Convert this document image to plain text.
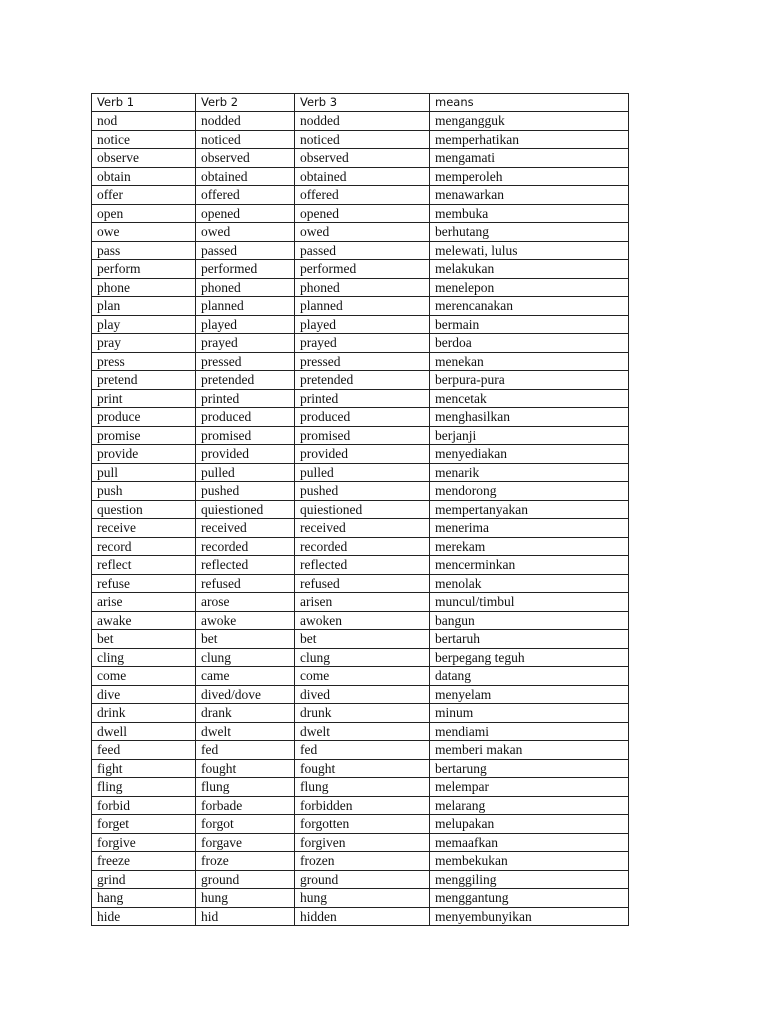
Verb 1	Verb 2	Verb 3	means
nod	nodded	nodded	mengangguk
notice	noticed	noticed	memperhatikan
observe	observed	observed	mengamati
obtain	obtained	obtained	memperoleh
offer	offered	offered	menawarkan
open	opened	opened	membuka
owe	owed	owed	berhutang
pass	passed	passed	melewati, lulus
perform	performed	performed	melakukan
phone	phoned	phoned	menelepon
plan	planned	planned	merencanakan
play	played	played	bermain
pray	prayed	prayed	berdoa
press	pressed	pressed	menekan
pretend	pretended	pretended	berpura-pura
print	printed	printed	mencetak
produce	produced	produced	menghasilkan
promise	promised	promised	berjanji
provide	provided	provided	menyediakan
pull	pulled	pulled	menarik
push	pushed	pushed	mendorong
question	quiestioned	quiestioned	mempertanyakan
receive	received	received	menerima
record	recorded	recorded	merekam
reflect	reflected	reflected	mencerminkan
refuse	refused	refused	menolak
arise	arose	arisen	muncul/timbul
awake	awoke	awoken	bangun
bet	bet	bet	bertaruh
cling	clung	clung	berpegang teguh
come	came	come	datang
dive	dived/dove	dived	menyelam
drink	drank	drunk	minum
dwell	dwelt	dwelt	mendiami
feed	fed	fed	memberi makan
fight	fought	fought	bertarung
fling	flung	flung	melempar
forbid	forbade	forbidden	melarang
forget	forgot	forgotten	melupakan
forgive	forgave	forgiven	memaafkan
freeze	froze	frozen	membekukan
grind	ground	ground	menggiling
hang	hung	hung	menggantung
hide	hid	hidden	menyembunyikan
